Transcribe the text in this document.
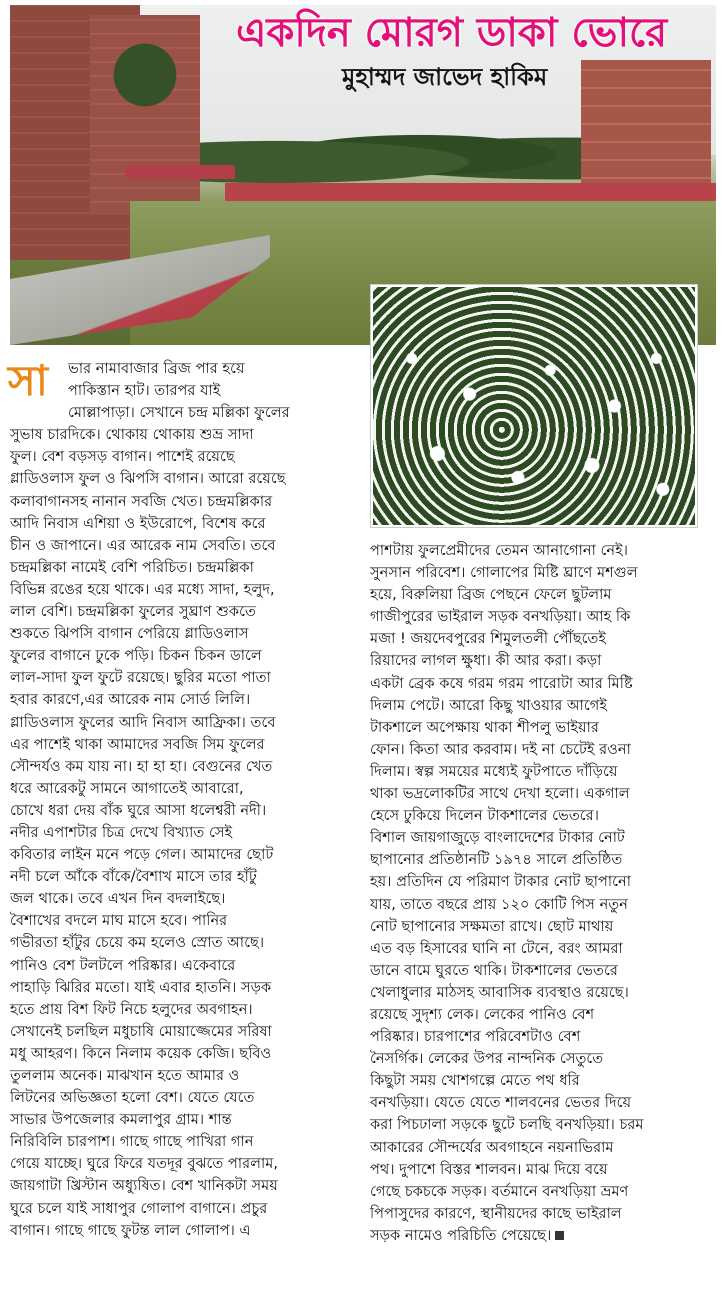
একদিন মোরগ ডাকা ভোরে
মুহাম্মদ জাভেদ হাকিম
সা	ভার নামাবাজার ব্রিজ পার হয়ে

পাকিস্তান হাট। তারপর যাই

মোল্লাপাড়া। সেখানে চন্দ্র মল্লিকা ফুলের

সুভাষ চারদিকে। থোকায় থোকায় শুভ্র সাদা

ফুল। বেশ বড়সড় বাগান। পাশেই রয়েছে

গ্লাডিওলাস ফুল ও ঝিপসি বাগান। আরো রয়েছে

কলাবাগানসহ নানান সবজি খেত। চন্দ্রমল্লিকার

আদি নিবাস এশিয়া ও ইউরোপে, বিশেষ করে

চীন ও জাপানে। এর আরেক নাম সেবতি। তবে

চন্দ্রমল্লিকা নামেই বেশি পরিচিত। চন্দ্রমল্লিকা

বিভিন্ন রঙের হয়ে থাকে। এর মধ্যে সাদা, হলুদ,

লাল বেশি। চন্দ্রমল্লিকা ফুলের সুঘ্রাণ শুকতে

শুকতে ঝিপসি বাগান পেরিয়ে গ্লাডিওলাস

ফুলের বাগানে ঢুকে পড়ি। চিকন চিকন ডালে

লাল-সাদা ফুল ফুটে রয়েছে। ছুরির মতো পাতা

হবার কারণে,এর আরেক নাম সোর্ড লিলি।

গ্লাডিওলাস ফুলের আদি নিবাস আফ্রিকা। তবে

এর পাশেই থাকা আমাদের সবজি সিম ফুলের

সৌন্দর্যও কম যায় না। হা হা হা। বেগুনের খেত

ধরে আরেকটু সামনে আগাতেই আবারো,

চোখে ধরা দেয় বাঁক ঘুরে আসা ধলেশ্বরী নদী।

নদীর এপাশটার চিত্র দেখে বিখ্যাত সেই

কবিতার লাইন মনে পড়ে গেল। আমাদের ছোট

নদী চলে আঁকে বাঁকে/বৈশাখ মাসে তার হাঁটু

জল থাকে। তবে এখন দিন বদলাইছে।

বৈশাখের বদলে মাঘ মাসে হবে। পানির

গভীরতা হাঁটুর চেয়ে কম হলেও স্রোত আছে।

পানিও বেশ টলটলে পরিষ্কার। একেবারে

পাহাড়ি ঝিরির মতো। যাই এবার হাতনি। সড়ক

হতে প্রায় বিশ ফিট নিচে হলুদের অবগাহন।

সেখানেই চলছিল মধুচাষি মোয়াজ্জেমের সরিষা

মধু আহরণ। কিনে নিলাম কয়েক কেজি। ছবিও

তুললাম অনেক। মাঝখান হতে আমার ও

লিটনের অভিজ্ঞতা হলো বেশ। যেতে যেতে

সাভার উপজেলার কমলাপুর গ্রাম। শান্ত

নিরিবিলি চারপাশ। গাছে গাছে পাখিরা গান

গেয়ে যাচ্ছে। ঘুরে ফিরে যতদূর বুঝতে পারলাম,

জায়গাটা খ্রিস্টান অধ্যুষিত। বেশ খানিকটা সময়

ঘুরে চলে যাই সাধাপুর গোলাপ বাগানে। প্রচুর

বাগান। গাছে গাছে ফুটন্ত লাল গোলাপ। এ

পাশটায় ফুলপ্রেমীদের তেমন আনাগোনা নেই।

সুনসান পরিবেশ। গোলাপের মিষ্টি ঘ্রাণে মশগুল

হয়ে, বিরুলিয়া ব্রিজ পেছনে ফেলে ছুটলাম

গাজীপুরের ভাইরাল সড়ক বনখড়িয়া। আহ কি

মজা ! জয়দেবপুরের শিমুলতলী পৌঁছতেই

রিয়াদের লাগল ক্ষুধা। কী আর করা। কড়া

একটা ব্রেক কষে গরম গরম পারোটা আর মিষ্টি

দিলাম পেটে। আরো কিছু খাওয়ার আগেই

টাকশালে অপেক্ষায় থাকা শীপলু ভাইয়ার

ফোন। কিতা আর করবাম। দই না চেটেই রওনা

দিলাম। স্বল্প সময়ের মধ্যেই ফুটপাতে দাঁড়িয়ে

থাকা ভদ্রলোকটির সাথে দেখা হলো। একগাল

হেসে ঢুকিয়ে দিলেন টাকশালের ভেতরে।

বিশাল জায়গাজুড়ে বাংলাদেশের টাকার নোট

ছাপানোর প্রতিষ্ঠানটি ১৯৭৪ সালে প্রতিষ্ঠিত

হয়। প্রতিদিন যে পরিমাণ টাকার নোট ছাপানো

যায়, তাতে বছরে প্রায় ১২০ কোটি পিস নতুন

নোট ছাপানোর সক্ষমতা রাখে। ছোট মাথায়

এত বড় হিসাবের ঘানি না টেনে, বরং আমরা

ডানে বামে ঘুরতে থাকি। টাকশালের ভেতরে

খেলাধুলার মাঠসহ আবাসিক ব্যবস্থাও রয়েছে।

রয়েছে সুদৃশ্য লেক। লেকের পানিও বেশ

পরিষ্কার। চারপাশের পরিবেশটাও বেশ

নৈসর্গিক। লেকের উপর নান্দনিক সেতুতে

কিছুটা সময় খোশগল্পে মেতে পথ ধরি

বনখড়িয়া। যেতে যেতে শালবনের ভেতর দিয়ে

করা পিচঢালা সড়কে ছুটে চলছি বনখড়িয়া। চরম

আকারের সৌন্দর্যের অবগাহনে নয়নাভিরাম

পথ। দুপাশে বিস্তর শালবন। মাঝ দিয়ে বয়ে

গেছে চকচকে সড়ক। বর্তমানে বনখড়িয়া ভ্রমণ

পিপাসুদের কারণে, স্থানীয়দের কাছে ভাইরাল

সড়ক নামেও পরিচিতি পেয়েছে।
